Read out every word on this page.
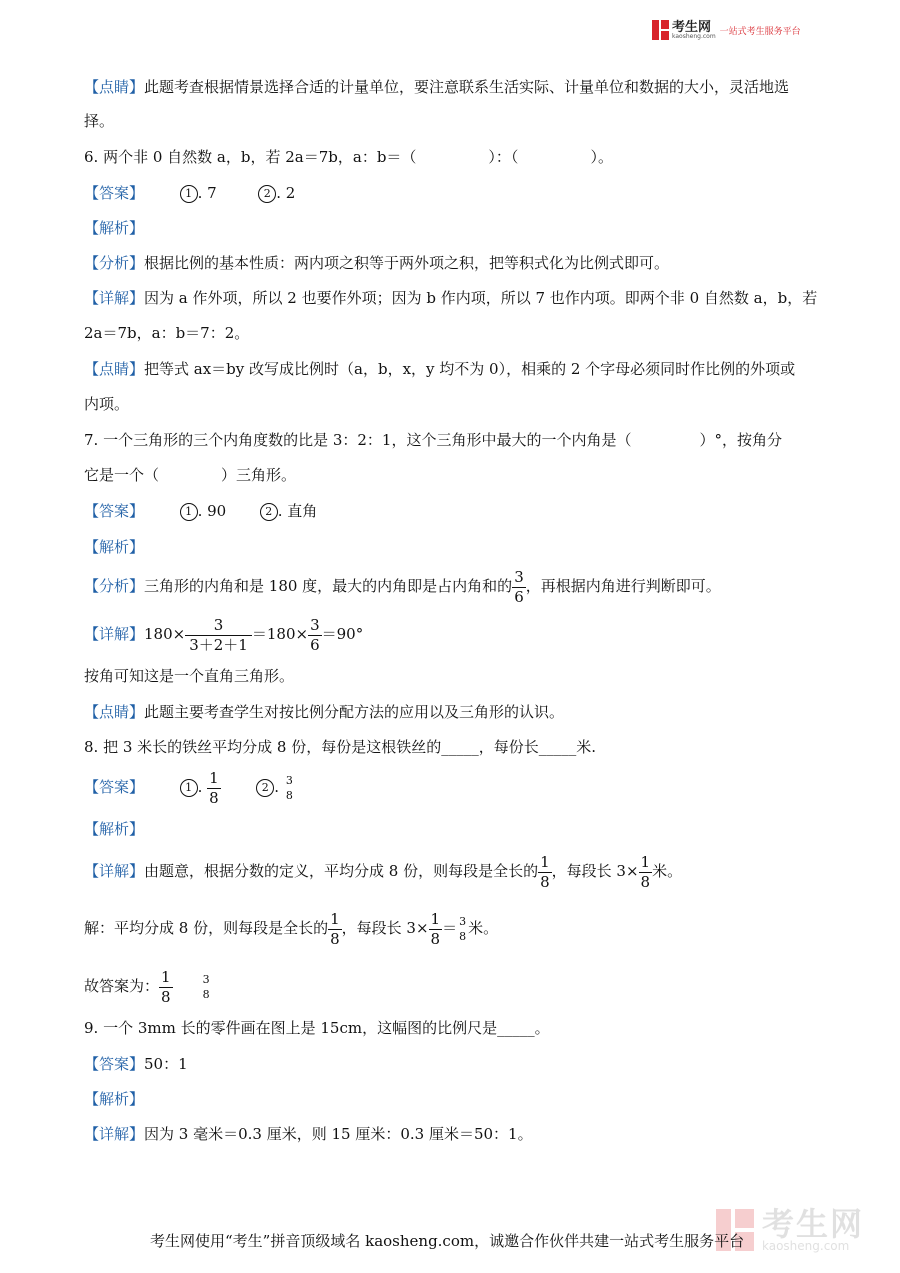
考生网
kaosheng.com 一站式考生服务平台
【点睛】此题考查根据情景选择合适的计量单位，要注意联系生活实际、计量单位和数据的大小，灵活地选
择。
6. 两个非 0 自然数 a，b，若 2a＝7b，a：b＝（	）：（	）。
【答案】	1 . 7	2 . 2
【解析】
【分析】根据比例的基本性质：两内项之积等于两外项之积，把等积式化为比例式即可。
【详解】因为 a 作外项，所以 2 也要作外项；因为 b 作内项，所以 7 也作内项。即两个非 0 自然数 a，b，若
2a＝7b，a：b＝7：2。
【点睛】把等式 ax＝by 改写成比例时（a，b，x，y 均不为 0），相乘的 2 个字母必须同时作比例的外项或
内项。
7. 一个三角形的三个内角度数的比是 3：2：1，这个三角形中最大的一个内角是（	）°，按角分
它是一个（	）三角形。
【答案】	1 . 90	2 . 直角
【解析】
【分析】三角形的内角和是 180 度，最大的内角即是占内角和的 $\frac{3}{6}$ ，再根据内角进行判断即可。
【详解】$180\times \frac{3}{3+2+1} =180\times \frac{3}{6} =90^\circ$
按角可知这是一个直角三角形。
【点睛】此题主要考查学生对按比例分配方法的应用以及三角形的认识。
8. 把 3 米长的铁丝平均分成 8 份，每份是这根铁丝的_____，每份长_____米.
【答案】	1 . $\frac{1}{8}$	2 . 3
8
【解析】
【详解】由题意，根据分数的定义，平均分成 8 份，则每段是全长的 $\frac{1}{8}$ ，每段长 $3\times \frac{1}{8}$ 米。
解：平均分成 8 份，则每段是全长的 $\frac{1}{8}$ ，每段长 $3\times \frac{1}{8} = 3$
8 米。
故答案为： $\frac{1}{8}$	3
8
9. 一个 3mm 长的零件画在图上是 15cm，这幅图的比例尺是_____。
【答案】50：1
【解析】
【详解】因为 3 毫米＝0.3 厘米，则 15 厘米：0.3 厘米＝50：1。
考生网
kaosheng.com
考生网使用“考生”拼音顶级域名 kaosheng.com，诚邀合作伙伴共建一站式考生服务平台
